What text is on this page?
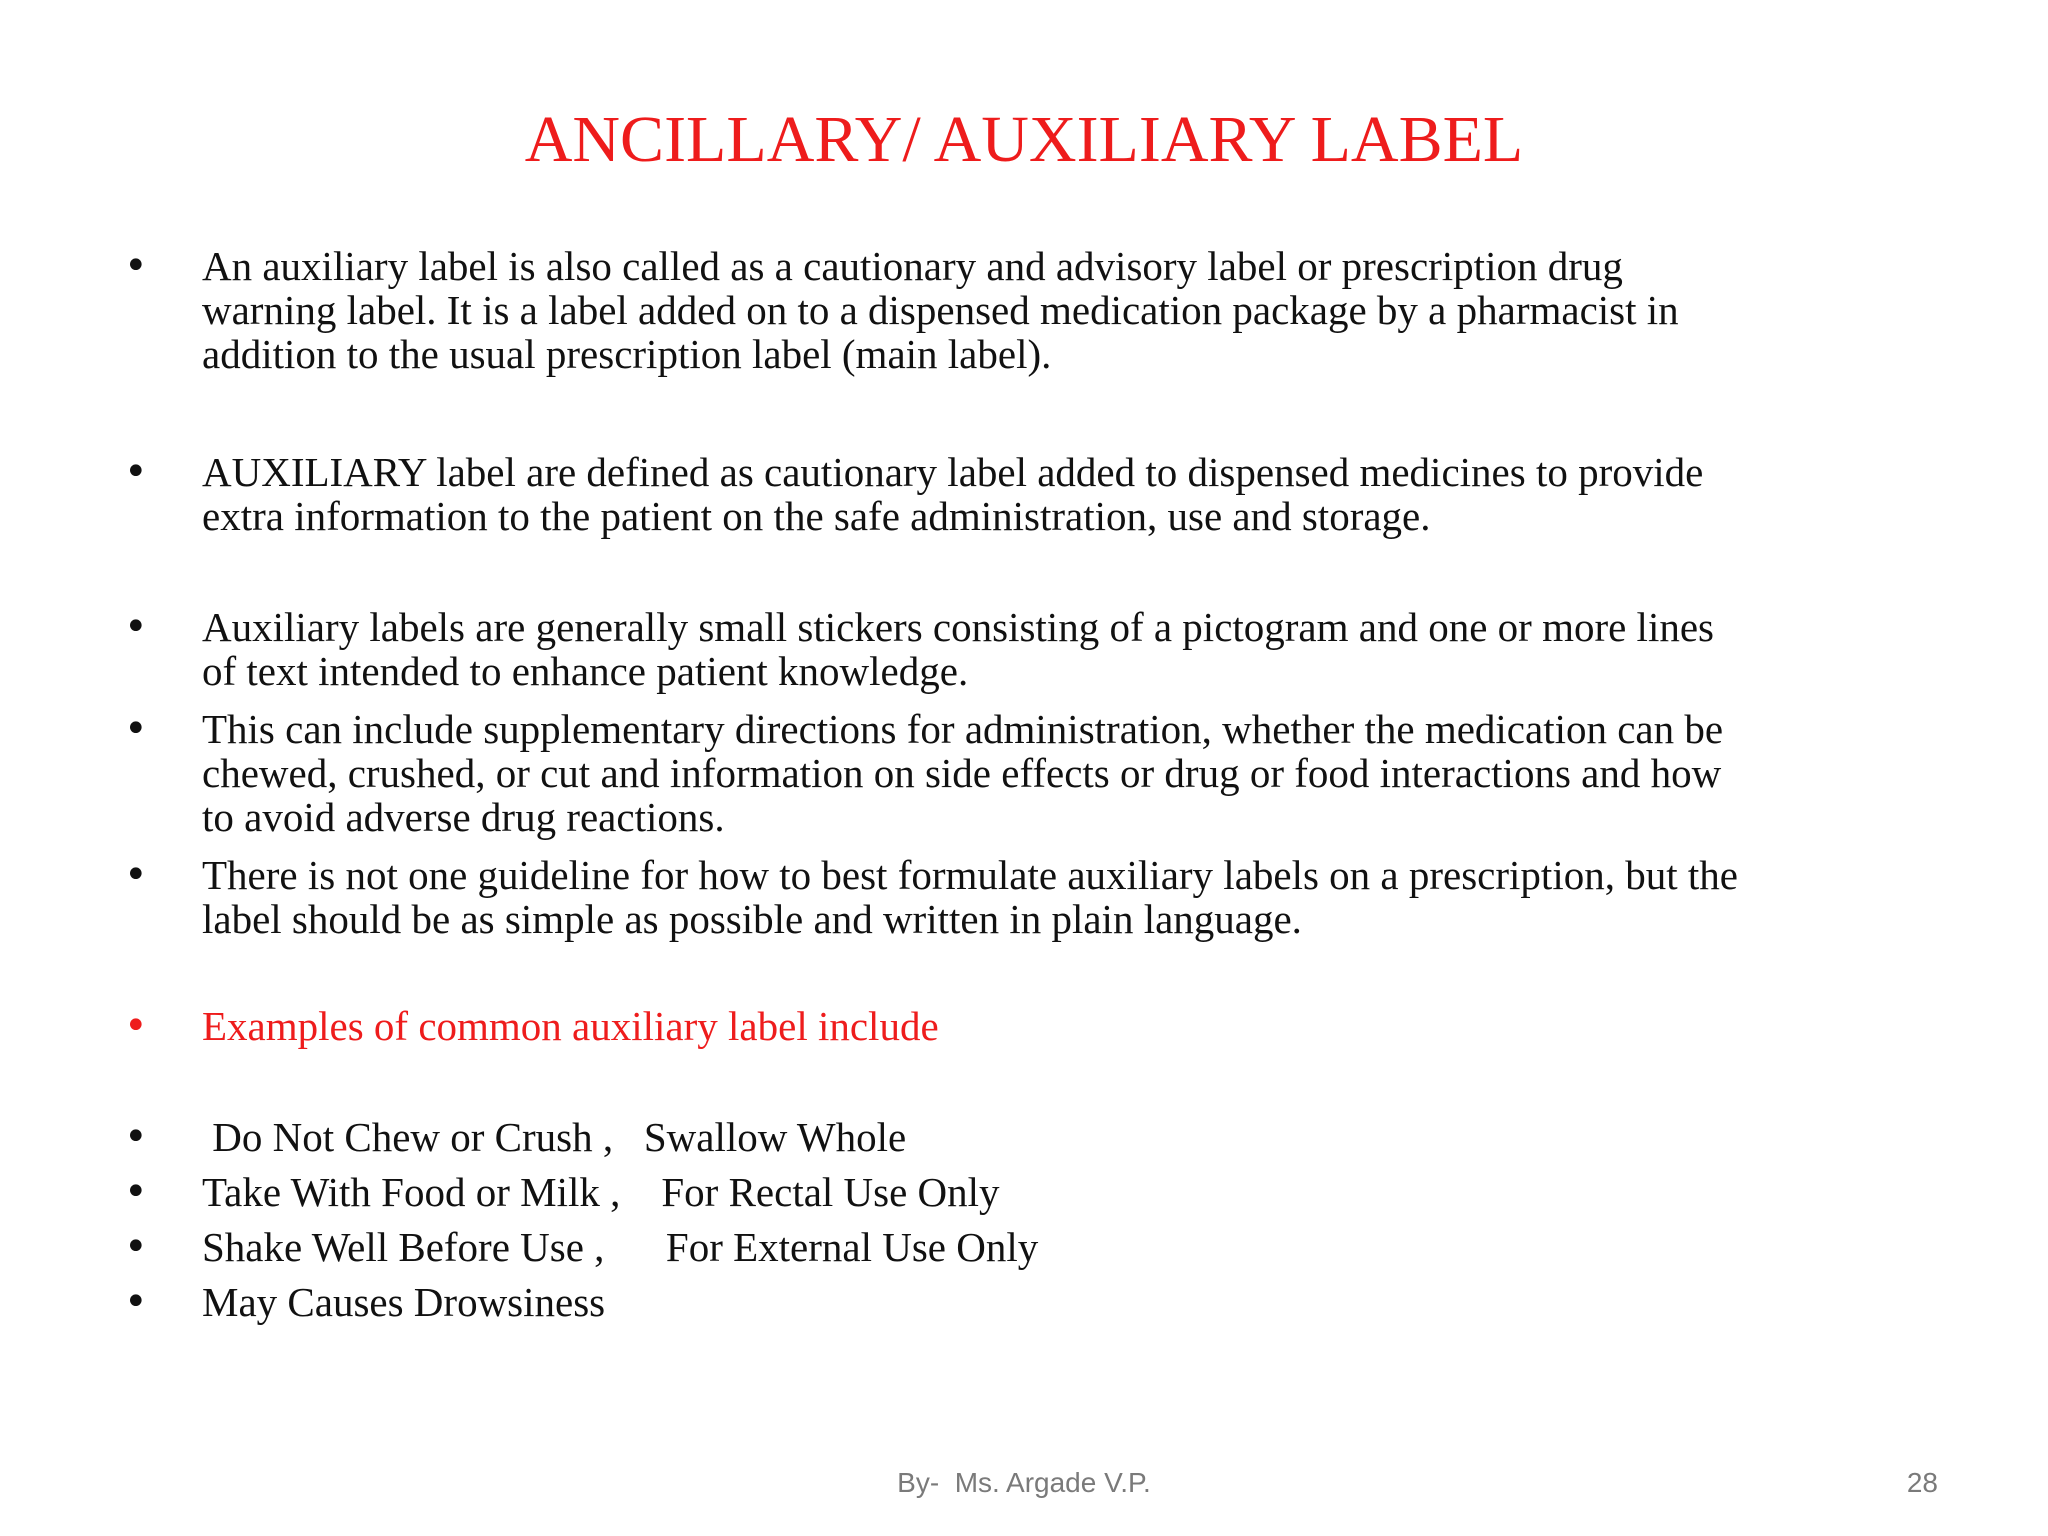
ANCILLARY/ AUXILIARY LABEL
• An auxiliary label is also called as a cautionary and advisory label or prescription drug
warning label. It is a label added on to a dispensed medication package by a pharmacist in
addition to the usual prescription label (main label).

• AUXILIARY label are defined as cautionary label added to dispensed medicines to provide
extra information to the patient on the safe administration, use and storage.

• Auxiliary labels are generally small stickers consisting of a pictogram and one or more lines
of text intended to enhance patient knowledge.

• This can include supplementary directions for administration, whether the medication can be
chewed, crushed, or cut and information on side effects or drug or food interactions and how
to avoid adverse drug reactions.

• There is not one guideline for how to best formulate auxiliary labels on a prescription, but the
label should be as simple as possible and written in plain language.

• Examples of common auxiliary label include

• Do Not Chew or Crush ,   Swallow Whole

• Take With Food or Milk ,    For Rectal Use Only

• Shake Well Before Use ,      For External Use Only

• May Causes Drowsiness

By-  Ms. Argade V.P.	28
